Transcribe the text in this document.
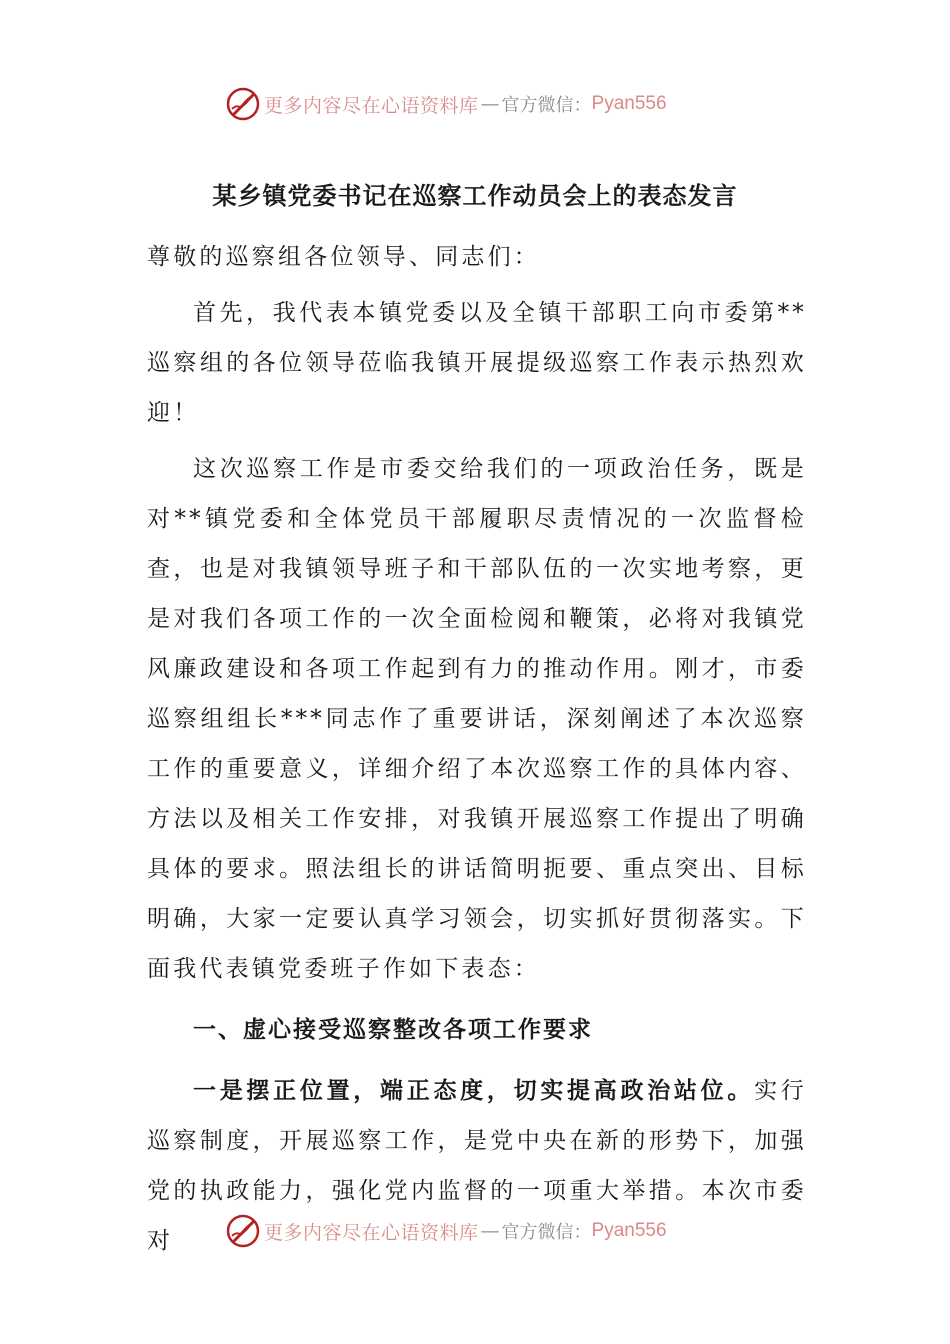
更多内容尽在心语资料库 — 官方微信： Pyan556
某乡镇党委书记在巡察工作动员会上的表态发言

尊敬的巡察组各位领导、同志们：

首先，我代表本镇党委以及全镇干部职工向市委第**巡察组的各位领导莅临我镇开展提级巡察工作表示热烈欢迎！

这次巡察工作是市委交给我们的一项政治任务，既是对**镇党委和全体党员干部履职尽责情况的一次监督检查，也是对我镇领导班子和干部队伍的一次实地考察，更是对我们各项工作的一次全面检阅和鞭策，必将对我镇党风廉政建设和各项工作起到有力的推动作用。刚才，市委巡察组组长***同志作了重要讲话，深刻阐述了本次巡察工作的重要意义，详细介绍了本次巡察工作的具体内容、方法以及相关工作安排，对我镇开展巡察工作提出了明确具体的要求。照法组长的讲话简明扼要、重点突出、目标明确，大家一定要认真学习领会，切实抓好贯彻落实。下面我代表镇党委班子作如下表态：

一、虚心接受巡察整改各项工作要求

一是摆正位置，端正态度，切实提高政治站位。实行巡察制度，开展巡察工作，是党中央在新的形势下，加强党的执政能力，强化党内监督的一项重大举措。本次市委对	更多内容尽在心语资料库 — 官方微信： Pyan556
